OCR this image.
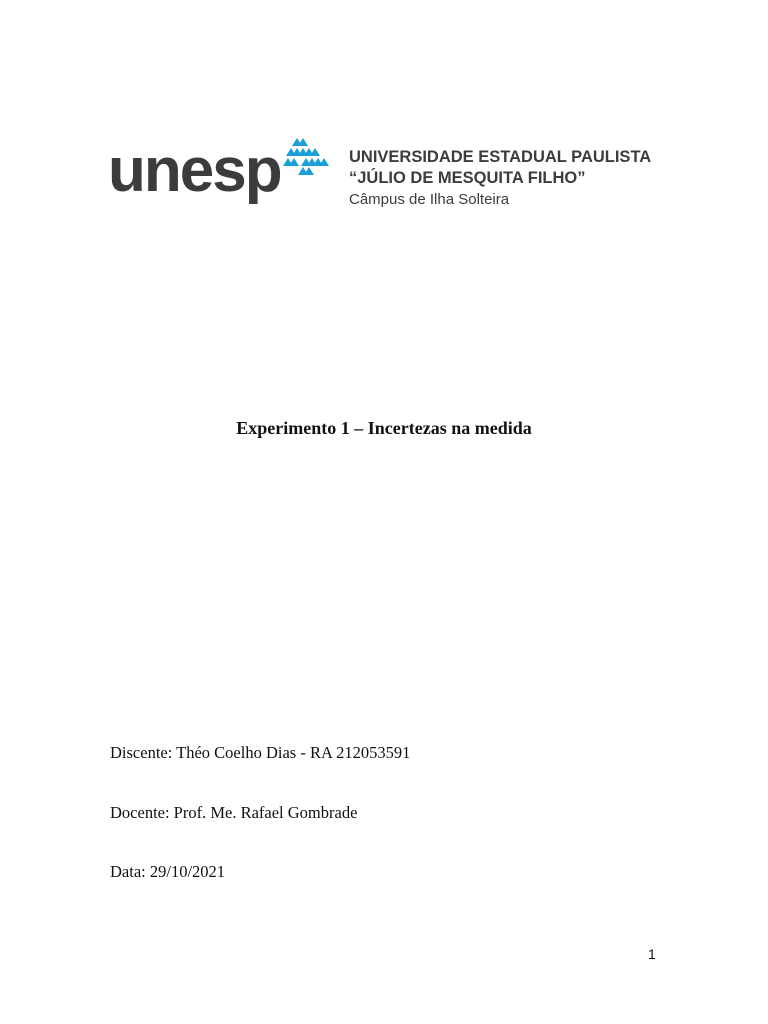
unesp	UNIVERSIDADE ESTADUAL PAULISTA
“JÚLIO DE MESQUITA FILHO”
Câmpus de Ilha Solteira
Experimento 1 – Incertezas na medida
Discente: Théo Coelho Dias - RA 212053591
Docente: Prof. Me. Rafael Gombrade
Data: 29/10/2021
1
